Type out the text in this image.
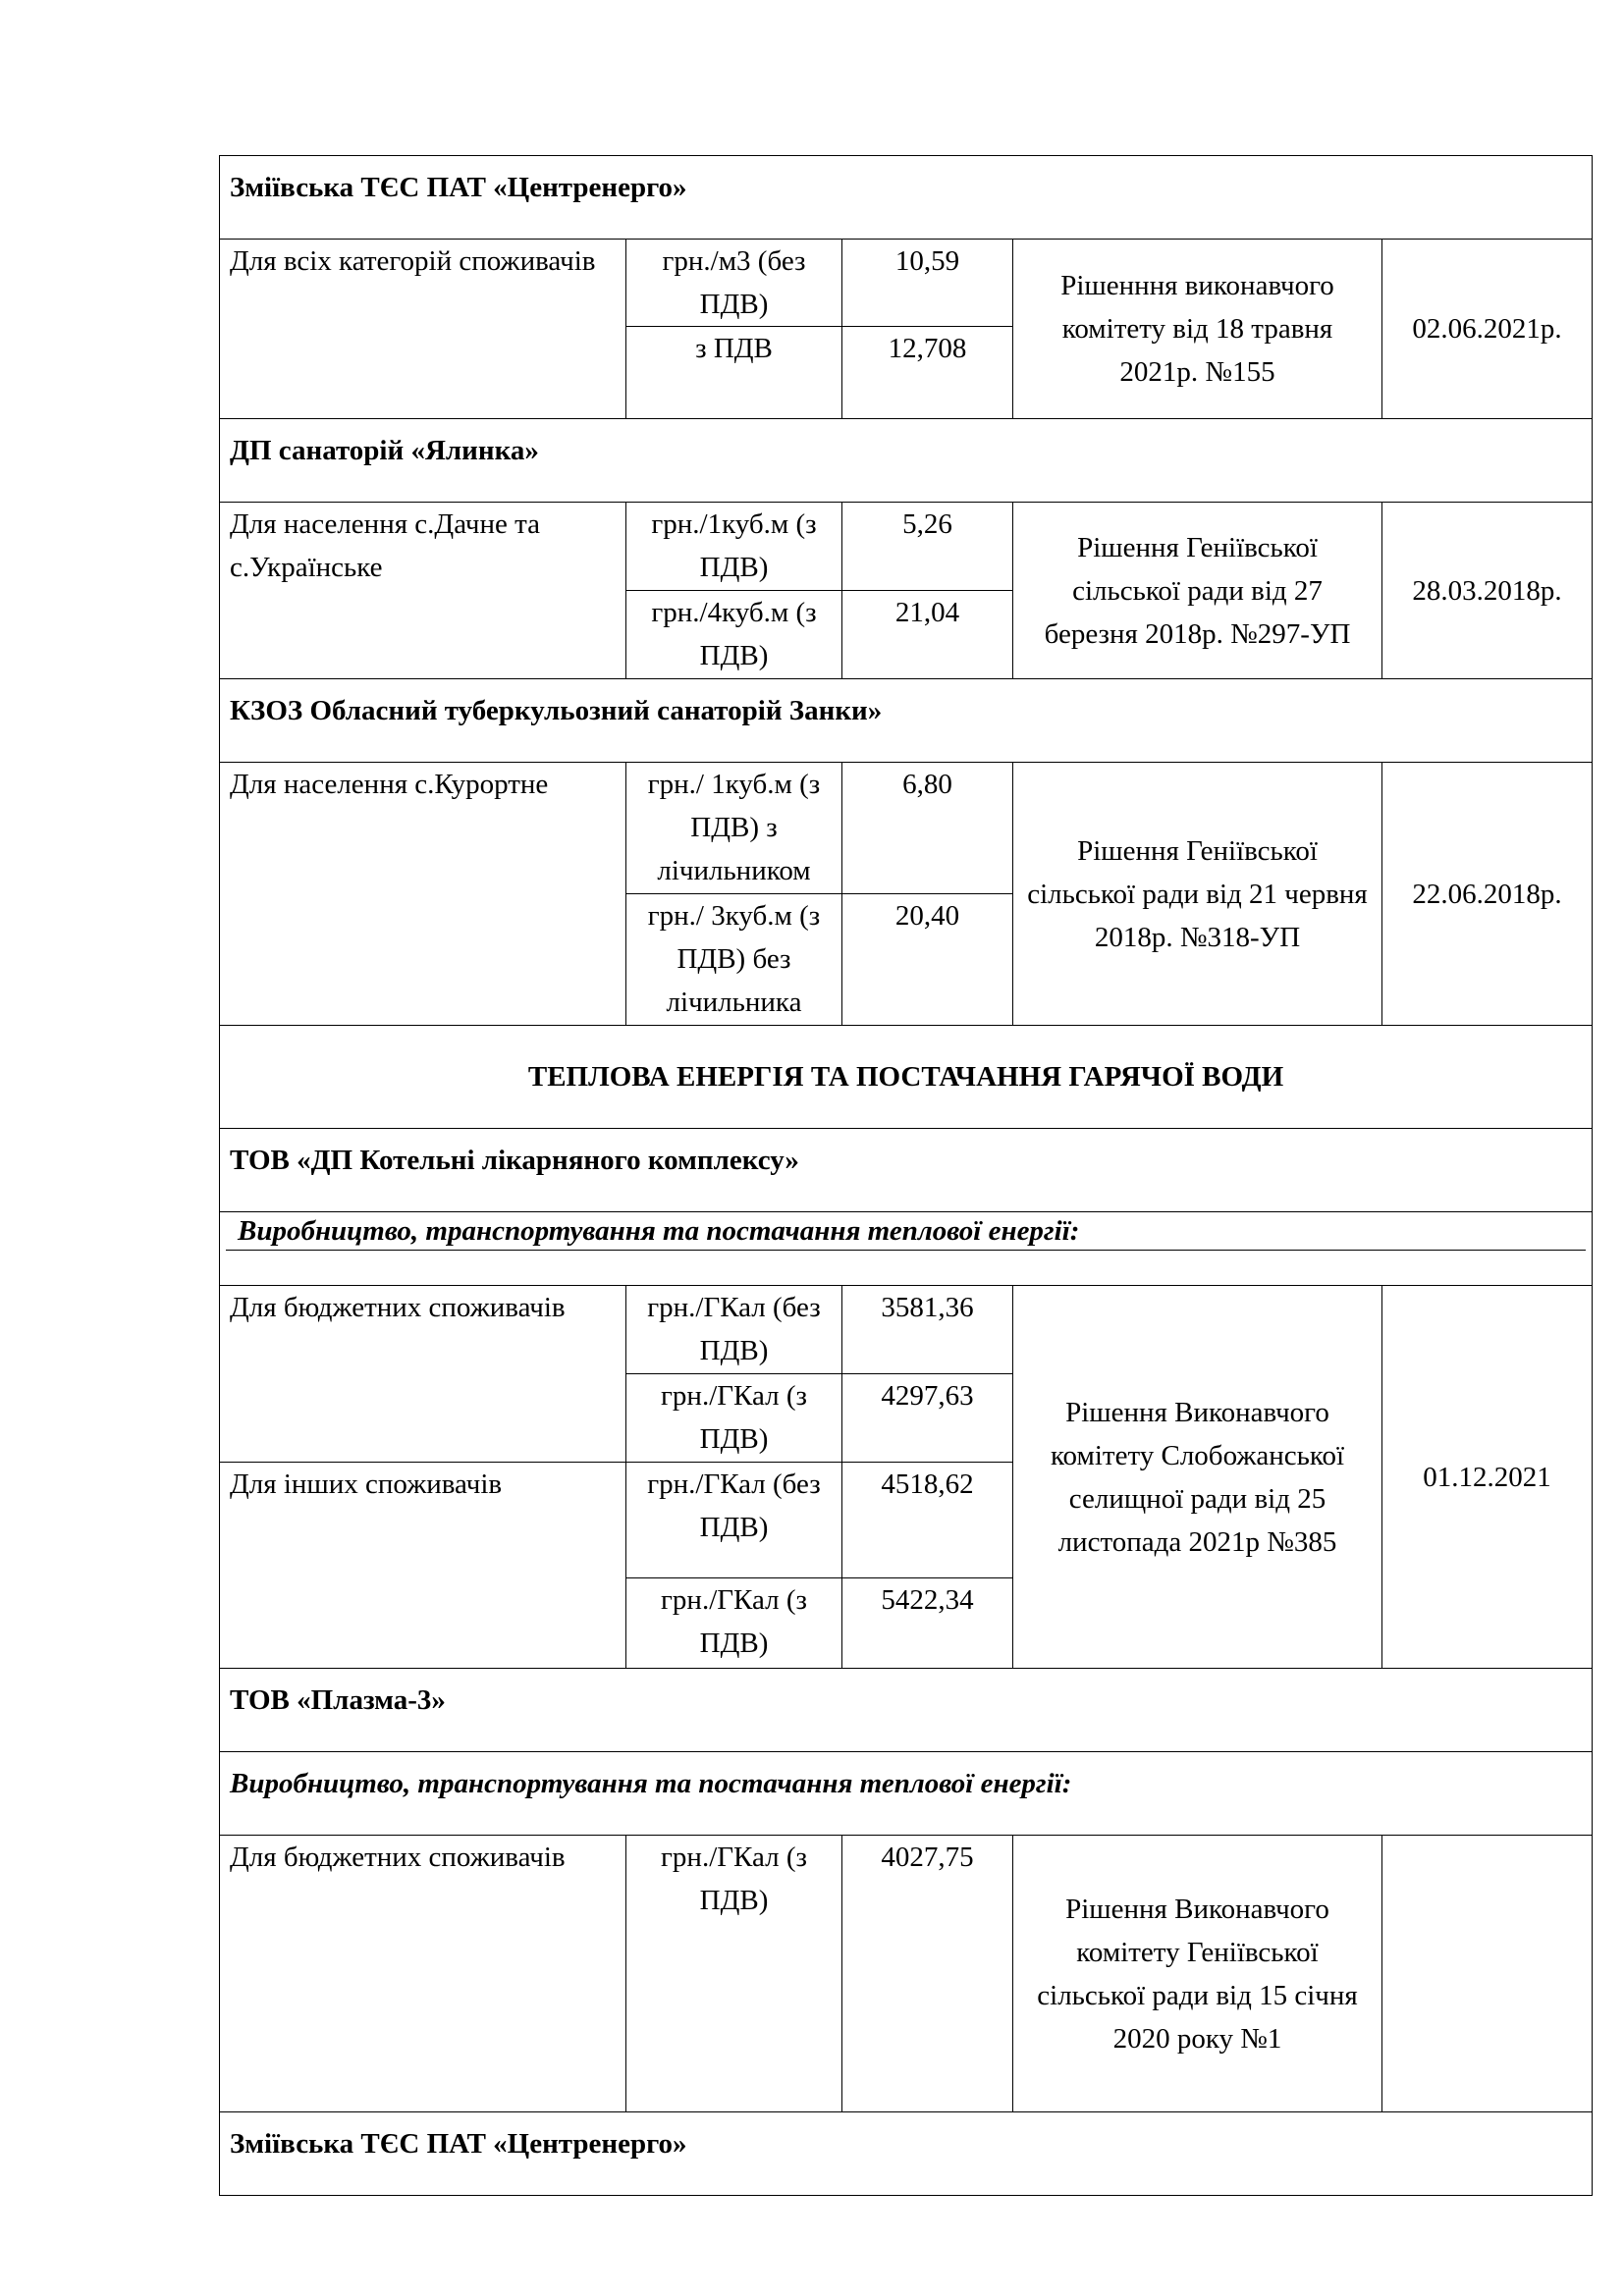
Зміївська ТЄС ПАТ «Центренерго»				
Для всіх категорій споживачів	грн./м3 (без ПДВ)	10,59	Рішенння виконавчого комітету від 18 травня 2021р. №155	02.06.2021р.
	з ПДВ	12,708		
ДП санаторій «Ялинка»				
Для населення с.Дачне та с.Українське	грн./1куб.м (з ПДВ)	5,26	Рішення Геніївської сільської ради від 27 березня 2018р. №297-УП	28.03.2018р.
	грн./4куб.м (з ПДВ)	21,04		
КЗОЗ Обласний туберкульозний санаторій Занки»				
Для населення с.Курортне	грн./ 1куб.м (з ПДВ) з лічильником	6,80	Рішення Геніївської сільської ради від 21 червня 2018р. №318-УП	22.06.2018р.
	грн./ 3куб.м (з ПДВ) без лічильника	20,40		
ТЕПЛОВА ЕНЕРГІЯ ТА ПОСТАЧАННЯ ГАРЯЧОЇ ВОДИ				
ТОВ «ДП Котельні лікарняного комплексу»				

Виробництво, транспортування та постачання теплової енергії:				

Для бюджетних споживачів	грн./ГКал (без ПДВ)	3581,36	Рішення Виконавчого комітету Слобожанської селищної ради від 25 листопада 2021р №385	01.12.2021
	грн./ГКал (з ПДВ)	4297,63		
Для інших споживачів	грн./ГКал (без ПДВ)	4518,62		
	грн./ГКал (з ПДВ)	5422,34		
ТОВ «Плазма-3»				
Виробництво, транспортування та постачання теплової енергії:				
Для бюджетних споживачів	грн./ГКал (з ПДВ)	4027,75	Рішення Виконавчого комітету Геніївської сільської ради від 15 січня 2020 року №1	
Зміївська ТЄС ПАТ «Центренерго»				
